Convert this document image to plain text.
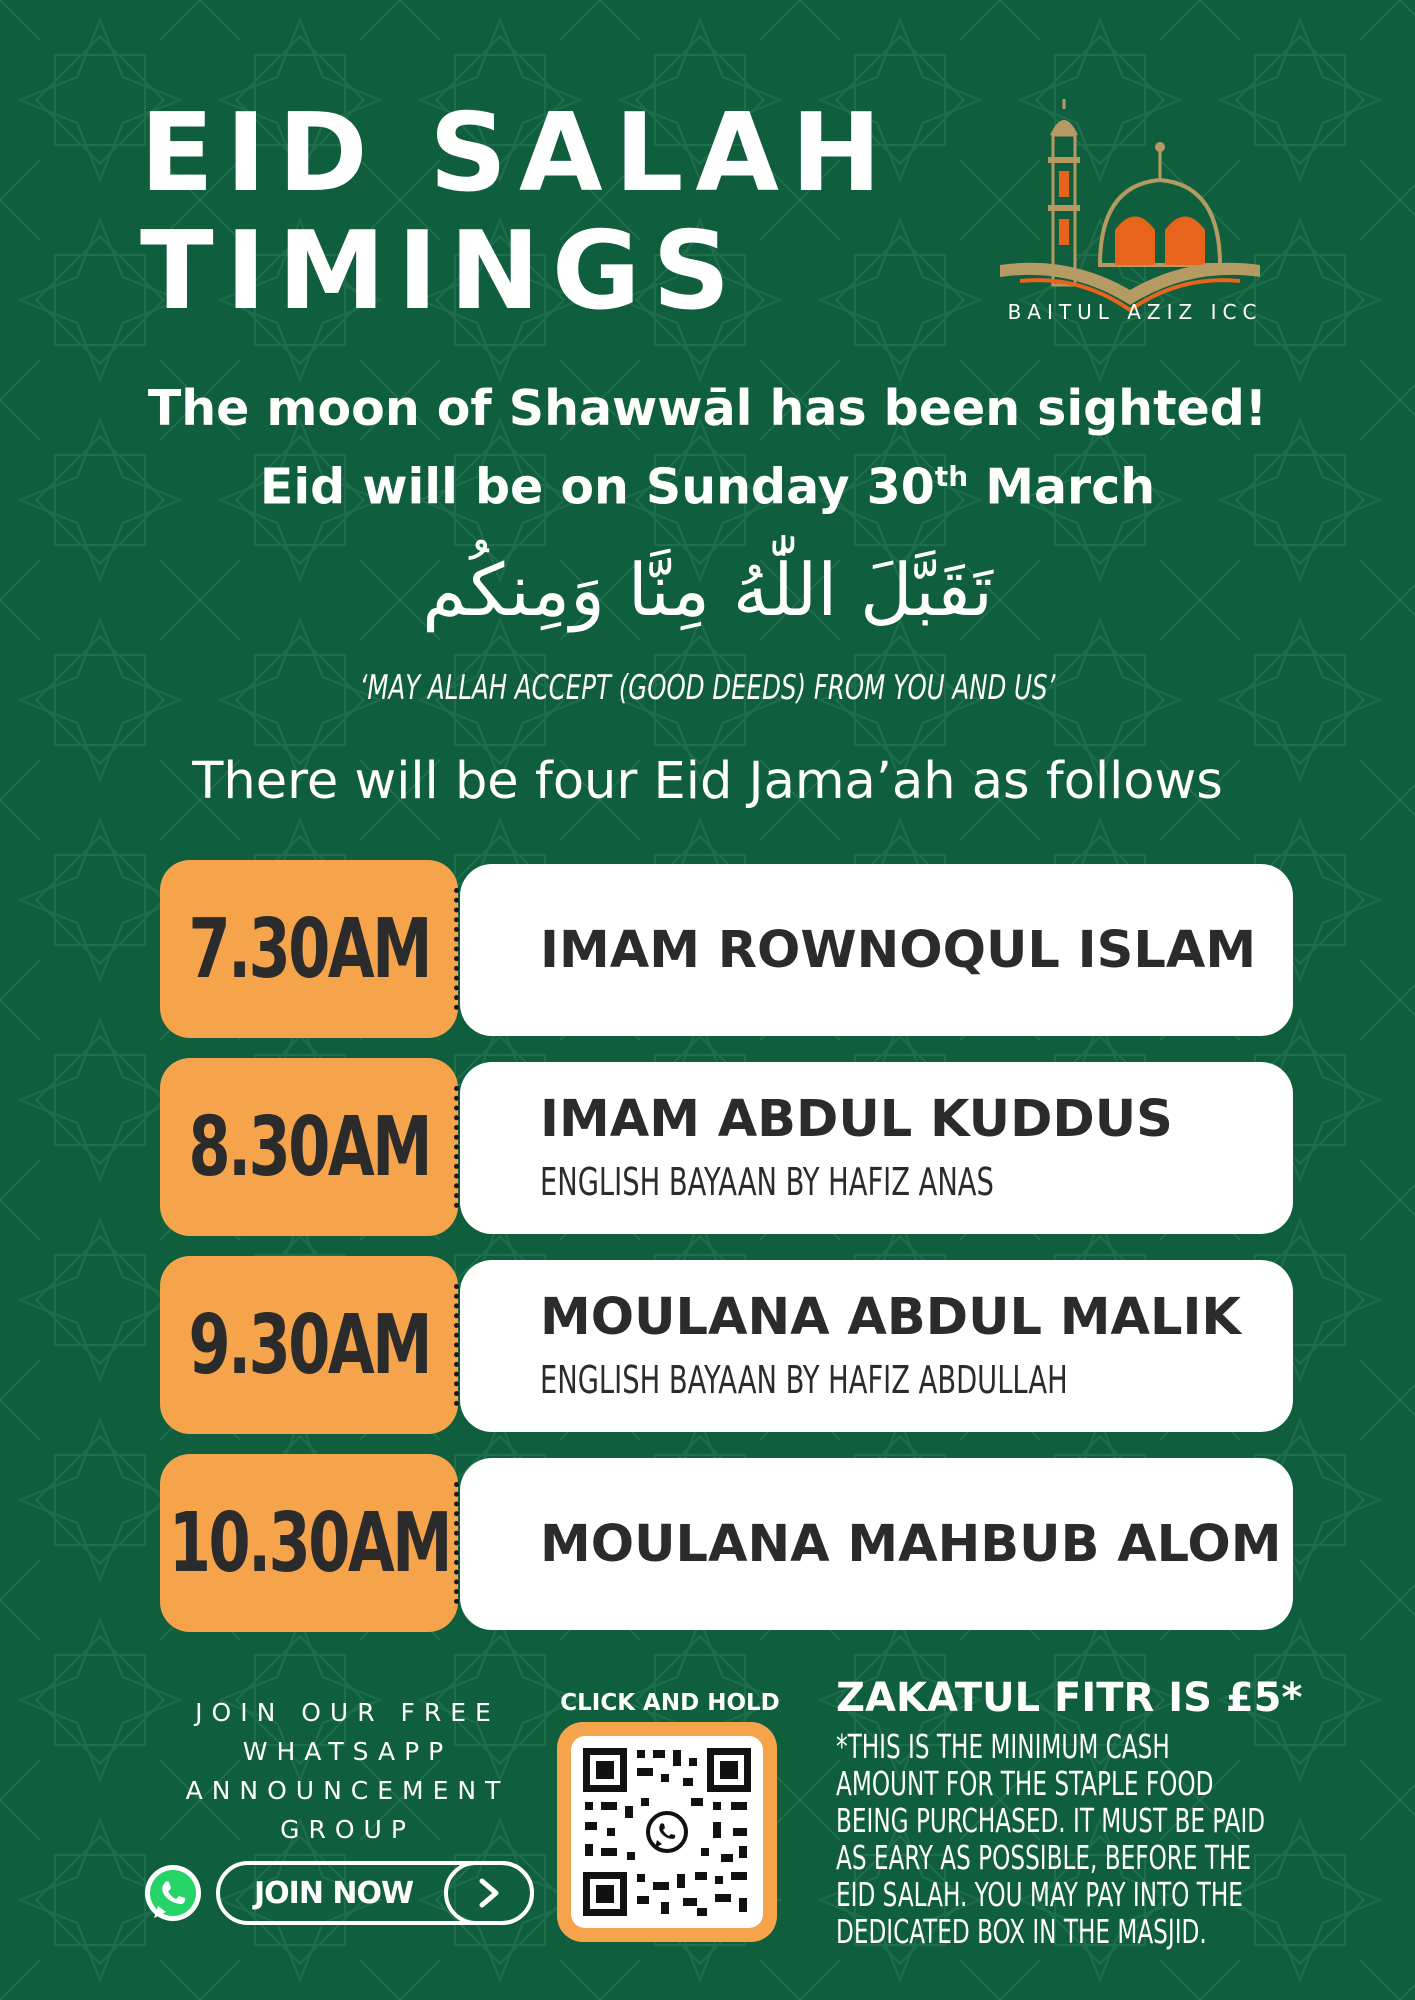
EID SALAH
TIMINGS	BAITUL AZIZ ICC
The moon of Shawwāl has been sighted!
Eid will be on Sunday 30th March
تَقَبَّلَ اللّٰهُ مِنَّا وَمِنكُم
‘MAY ALLAH ACCEPT (GOOD DEEDS) FROM YOU AND US’
There will be four Eid Jama’ah as follows
7.30AM IMAM ROWNOQUL ISLAM
8.30AM IMAM ABDUL KUDDUS
ENGLISH BAYAAN BY HAFIZ ANAS
9.30AM MOULANA ABDUL MALIK
ENGLISH BAYAAN BY HAFIZ ABDULLAH
10.30AM MOULANA MAHBUB ALOM
JOIN OUR FREE WHATSAPP ANNOUNCEMENT GROUP
JOIN NOW
CLICK AND HOLD	ZAKATUL FITR IS £5*
*THIS IS THE MINIMUM CASH AMOUNT FOR THE STAPLE FOOD BEING PURCHASED. IT MUST BE PAID AS EARY AS POSSIBLE, BEFORE THE EID SALAH. YOU MAY PAY INTO THE DEDICATED BOX IN THE MASJID.
